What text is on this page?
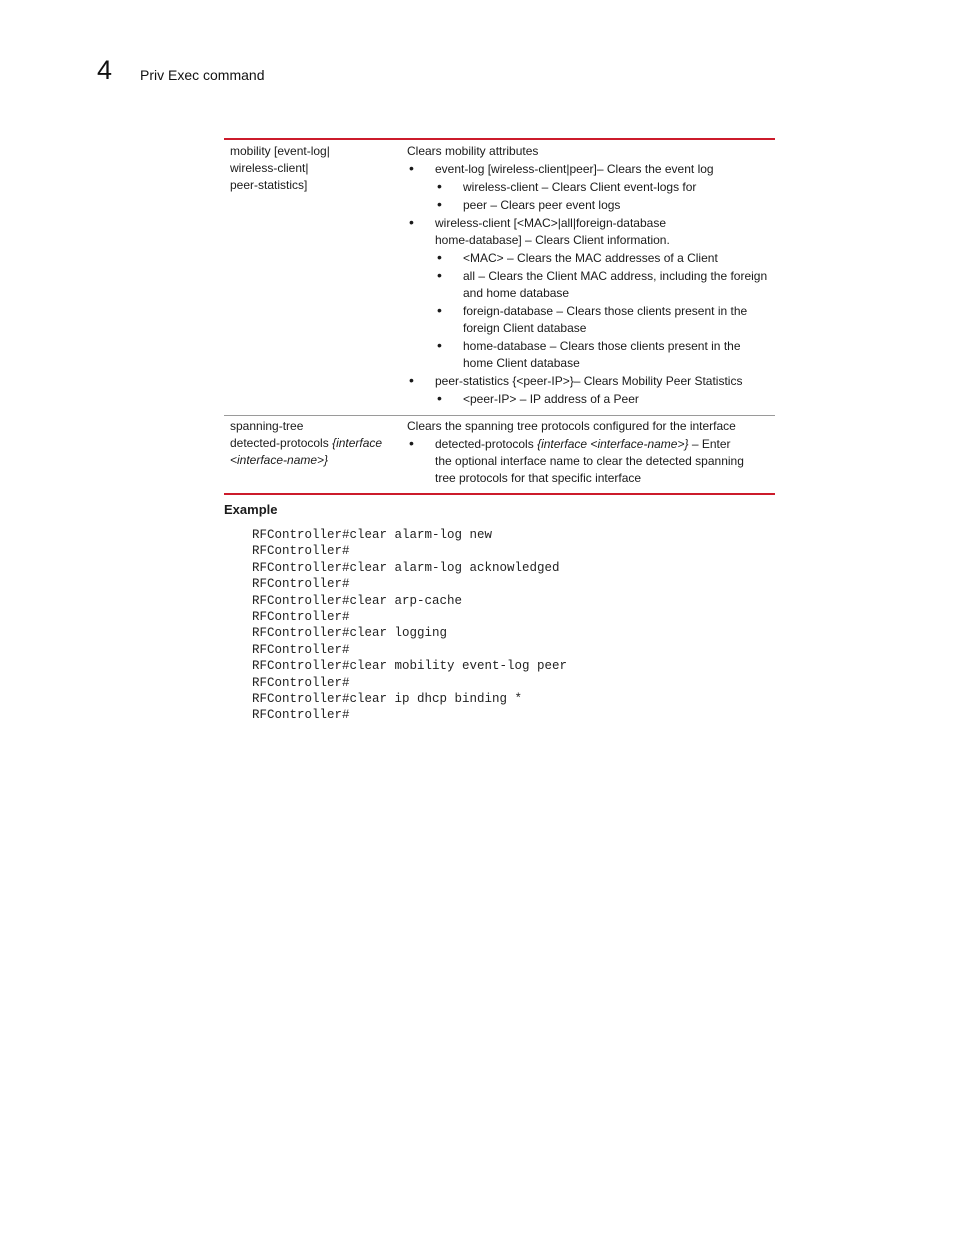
4 Priv Exec command
mobility [event-log|
wireless-client|
peer-statistics]
Clears mobility attributes
• event-log [wireless-client|peer]– Clears the event log
• wireless-client – Clears Client event-logs for
• peer – Clears peer event logs
• wireless-client [<MAC>|all|foreign-database
home-database] – Clears Client information.
• <MAC> – Clears the MAC addresses of a Client
• all – Clears the Client MAC address, including the foreign and home database
• foreign-database – Clears those clients present in the foreign Client database
• home-database – Clears those clients present in the home Client database
• peer-statistics {<peer-IP>}– Clears Mobility Peer Statistics
• <peer-IP> – IP address of a Peer
spanning-tree
detected-protocols {interface
<interface-name>}
Clears the spanning tree protocols configured for the interface
• detected-protocols {interface <interface-name>} – Enter
the optional interface name to clear the detected spanning
tree protocols for that specific interface
Example
RFController#clear alarm-log new
RFController#
RFController#clear alarm-log acknowledged
RFController#
RFController#clear arp-cache
RFController#
RFController#clear logging
RFController#
RFController#clear mobility event-log peer
RFController#
RFController#clear ip dhcp binding *
RFController#
